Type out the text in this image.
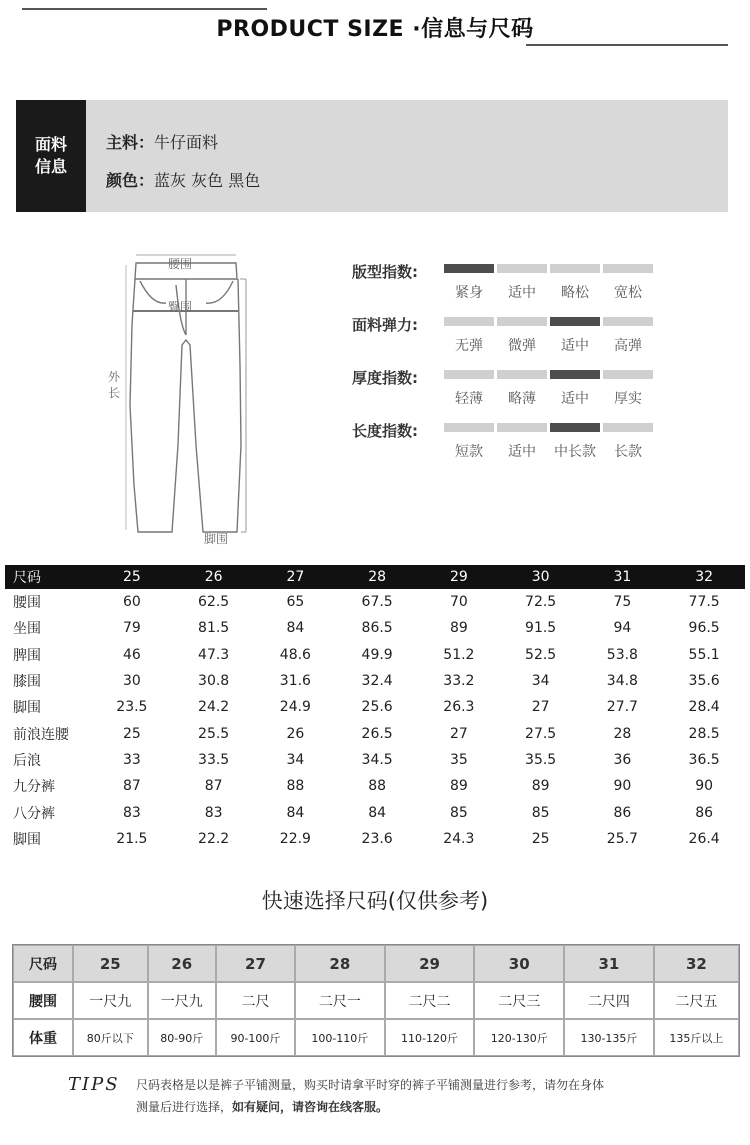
PRODUCT SIZE ·信息与尺码
面料
信息
主料：牛仔面料
颜色：蓝灰 灰色 黑色
腰围
臀围
外
长
脚围
版型指数:
紧身	适中	略松	宽松
面料弹力:
无弹	微弹	适中	高弹
厚度指数:
轻薄	略薄	适中	厚实
长度指数:
短款	适中	中长款	长款
尺码	25	26	27	28	29	30	31	32
腰围	60	62.5	65	67.5	70	72.5	75	77.5
坐围	79	81.5	84	86.5	89	91.5	94	96.5
脾围	46	47.3	48.6	49.9	51.2	52.5	53.8	55.1
膝围	30	30.8	31.6	32.4	33.2	34	34.8	35.6
脚围	23.5	24.2	24.9	25.6	26.3	27	27.7	28.4
前浪连腰	25	25.5	26	26.5	27	27.5	28	28.5
后浪	33	33.5	34	34.5	35	35.5	36	36.5
九分裤	87	87	88	88	89	89	90	90
八分裤	83	83	84	84	85	85	86	86
脚围	21.5	22.2	22.9	23.6	24.3	25	25.7	26.4
快速选择尺码(仅供参考)
尺码	25	26	27	28	29	30	31	32
腰围	一尺九	一尺九	二尺	二尺一	二尺二	二尺三	二尺四	二尺五
体重	80斤以下	80-90斤	90-100斤	100-110斤	110-120斤	120-130斤	130-135斤	135斤以上
TIPS 尺码表格是以是裤子平铺测量，购买时请拿平时穿的裤子平铺测量进行参考，请勿在身体
测量后进行选择，如有疑问，请咨询在线客服。
